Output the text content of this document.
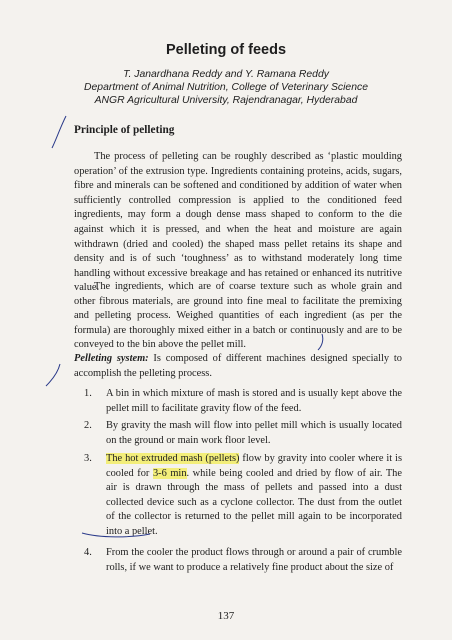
Pelleting of feeds
T. Janardhana Reddy and Y. Ramana Reddy
Department of Animal Nutrition, College of Veterinary Science
ANGR Agricultural University, Rajendranagar, Hyderabad
Principle of pelleting

The process of pelleting can be roughly described as ‘plastic moulding operation’ of the extrusion type. Ingredients containing proteins, acids, sugars, fibre and minerals can be softened and conditioned by addition of water when sufficiently controlled compression is applied to the conditioned feed ingredients, may form a dough dense mass shaped to conform to the die against which it is pressed, and when the heat and moisture are again withdrawn (dried and cooled) the shaped mass pellet retains its shape and density and is of such ‘toughness’ as to withstand moderately long time handling without excessive breakage and has retained or enhanced its nutritive value.

The ingredients, which are of coarse texture such as whole grain and other fibrous materials, are ground into fine meal to facilitate the premixing and pelleting process. Weighed quantities of each ingredient (as per the formula) are thoroughly mixed either in a batch or continuously and are to be conveyed to the bin above the pellet mill.

Pelleting system: Is composed of different machines designed specially to accomplish the pelleting process.

1. A bin in which mixture of mash is stored and is usually kept above the pellet mill to facilitate gravity flow of the feed.
2. By gravity the mash will flow into pellet mill which is usually located on the ground or main work floor level.
3. The hot extruded mash (pellets) flow by gravity into cooler where it is cooled for 3-6 min. while being cooled and dried by flow of air. The air is drawn through the mass of pellets and passed into a dust collected device such as a cyclone collector. The dust from the outlet of the collector is returned to the pellet mill again to be incorporated into a pellet.
4. From the cooler the product flows through or around a pair of crumble rolls, if we want to produce a relatively fine product about the size of
137
